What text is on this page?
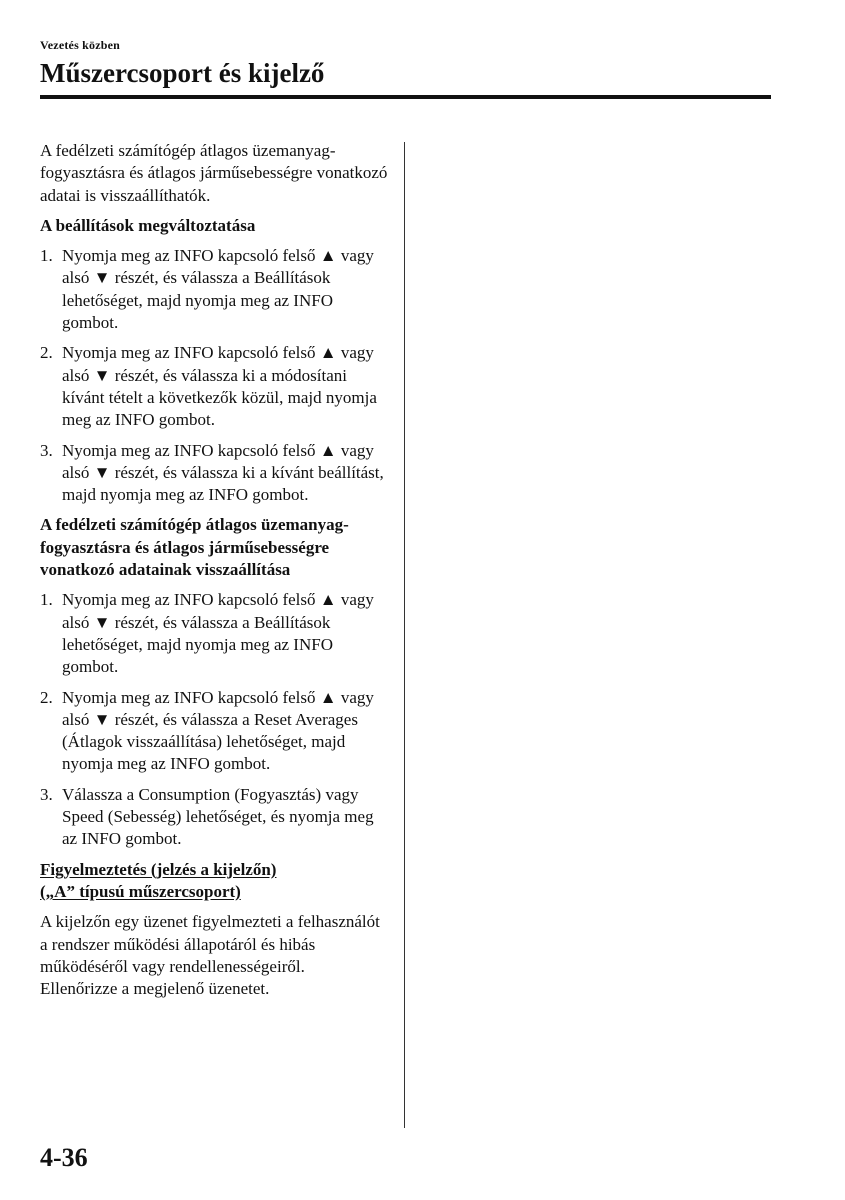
Vezetés közben
Műszercsoport és kijelző

A fedélzeti számítógép átlagos üzemanyag-fogyasztásra és átlagos járműsebességre vonatkozó adatai is visszaállíthatók.

A beállítások megváltoztatása

1. Nyomja meg az INFO kapcsoló felső ▲ vagy alsó ▼ részét, és válassza a Beállítások lehetőséget, majd nyomja meg az INFO gombot.
2. Nyomja meg az INFO kapcsoló felső ▲ vagy alsó ▼ részét, és válassza ki a módosítani kívánt tételt a következők közül, majd nyomja meg az INFO gombot.
3. Nyomja meg az INFO kapcsoló felső ▲ vagy alsó ▼ részét, és válassza ki a kívánt beállítást, majd nyomja meg az INFO gombot.

A fedélzeti számítógép átlagos üzemanyag-fogyasztásra és átlagos járműsebességre vonatkozó adatainak visszaállítása

1. Nyomja meg az INFO kapcsoló felső ▲ vagy alsó ▼ részét, és válassza a Beállítások lehetőséget, majd nyomja meg az INFO gombot.
2. Nyomja meg az INFO kapcsoló felső ▲ vagy alsó ▼ részét, és válassza a Reset Averages (Átlagok visszaállítása) lehetőséget, majd nyomja meg az INFO gombot.
3. Válassza a Consumption (Fogyasztás) vagy Speed (Sebesség) lehetőséget, és nyomja meg az INFO gombot.

Figyelmeztetés (jelzés a kijelzőn)

(„A” típusú műszercsoport)

A kijelzőn egy üzenet figyelmezteti a felhasználót a rendszer működési állapotáról és hibás működéséről vagy rendellenességeiről.

Ellenőrizze a megjelenő üzenetet.

4-36
